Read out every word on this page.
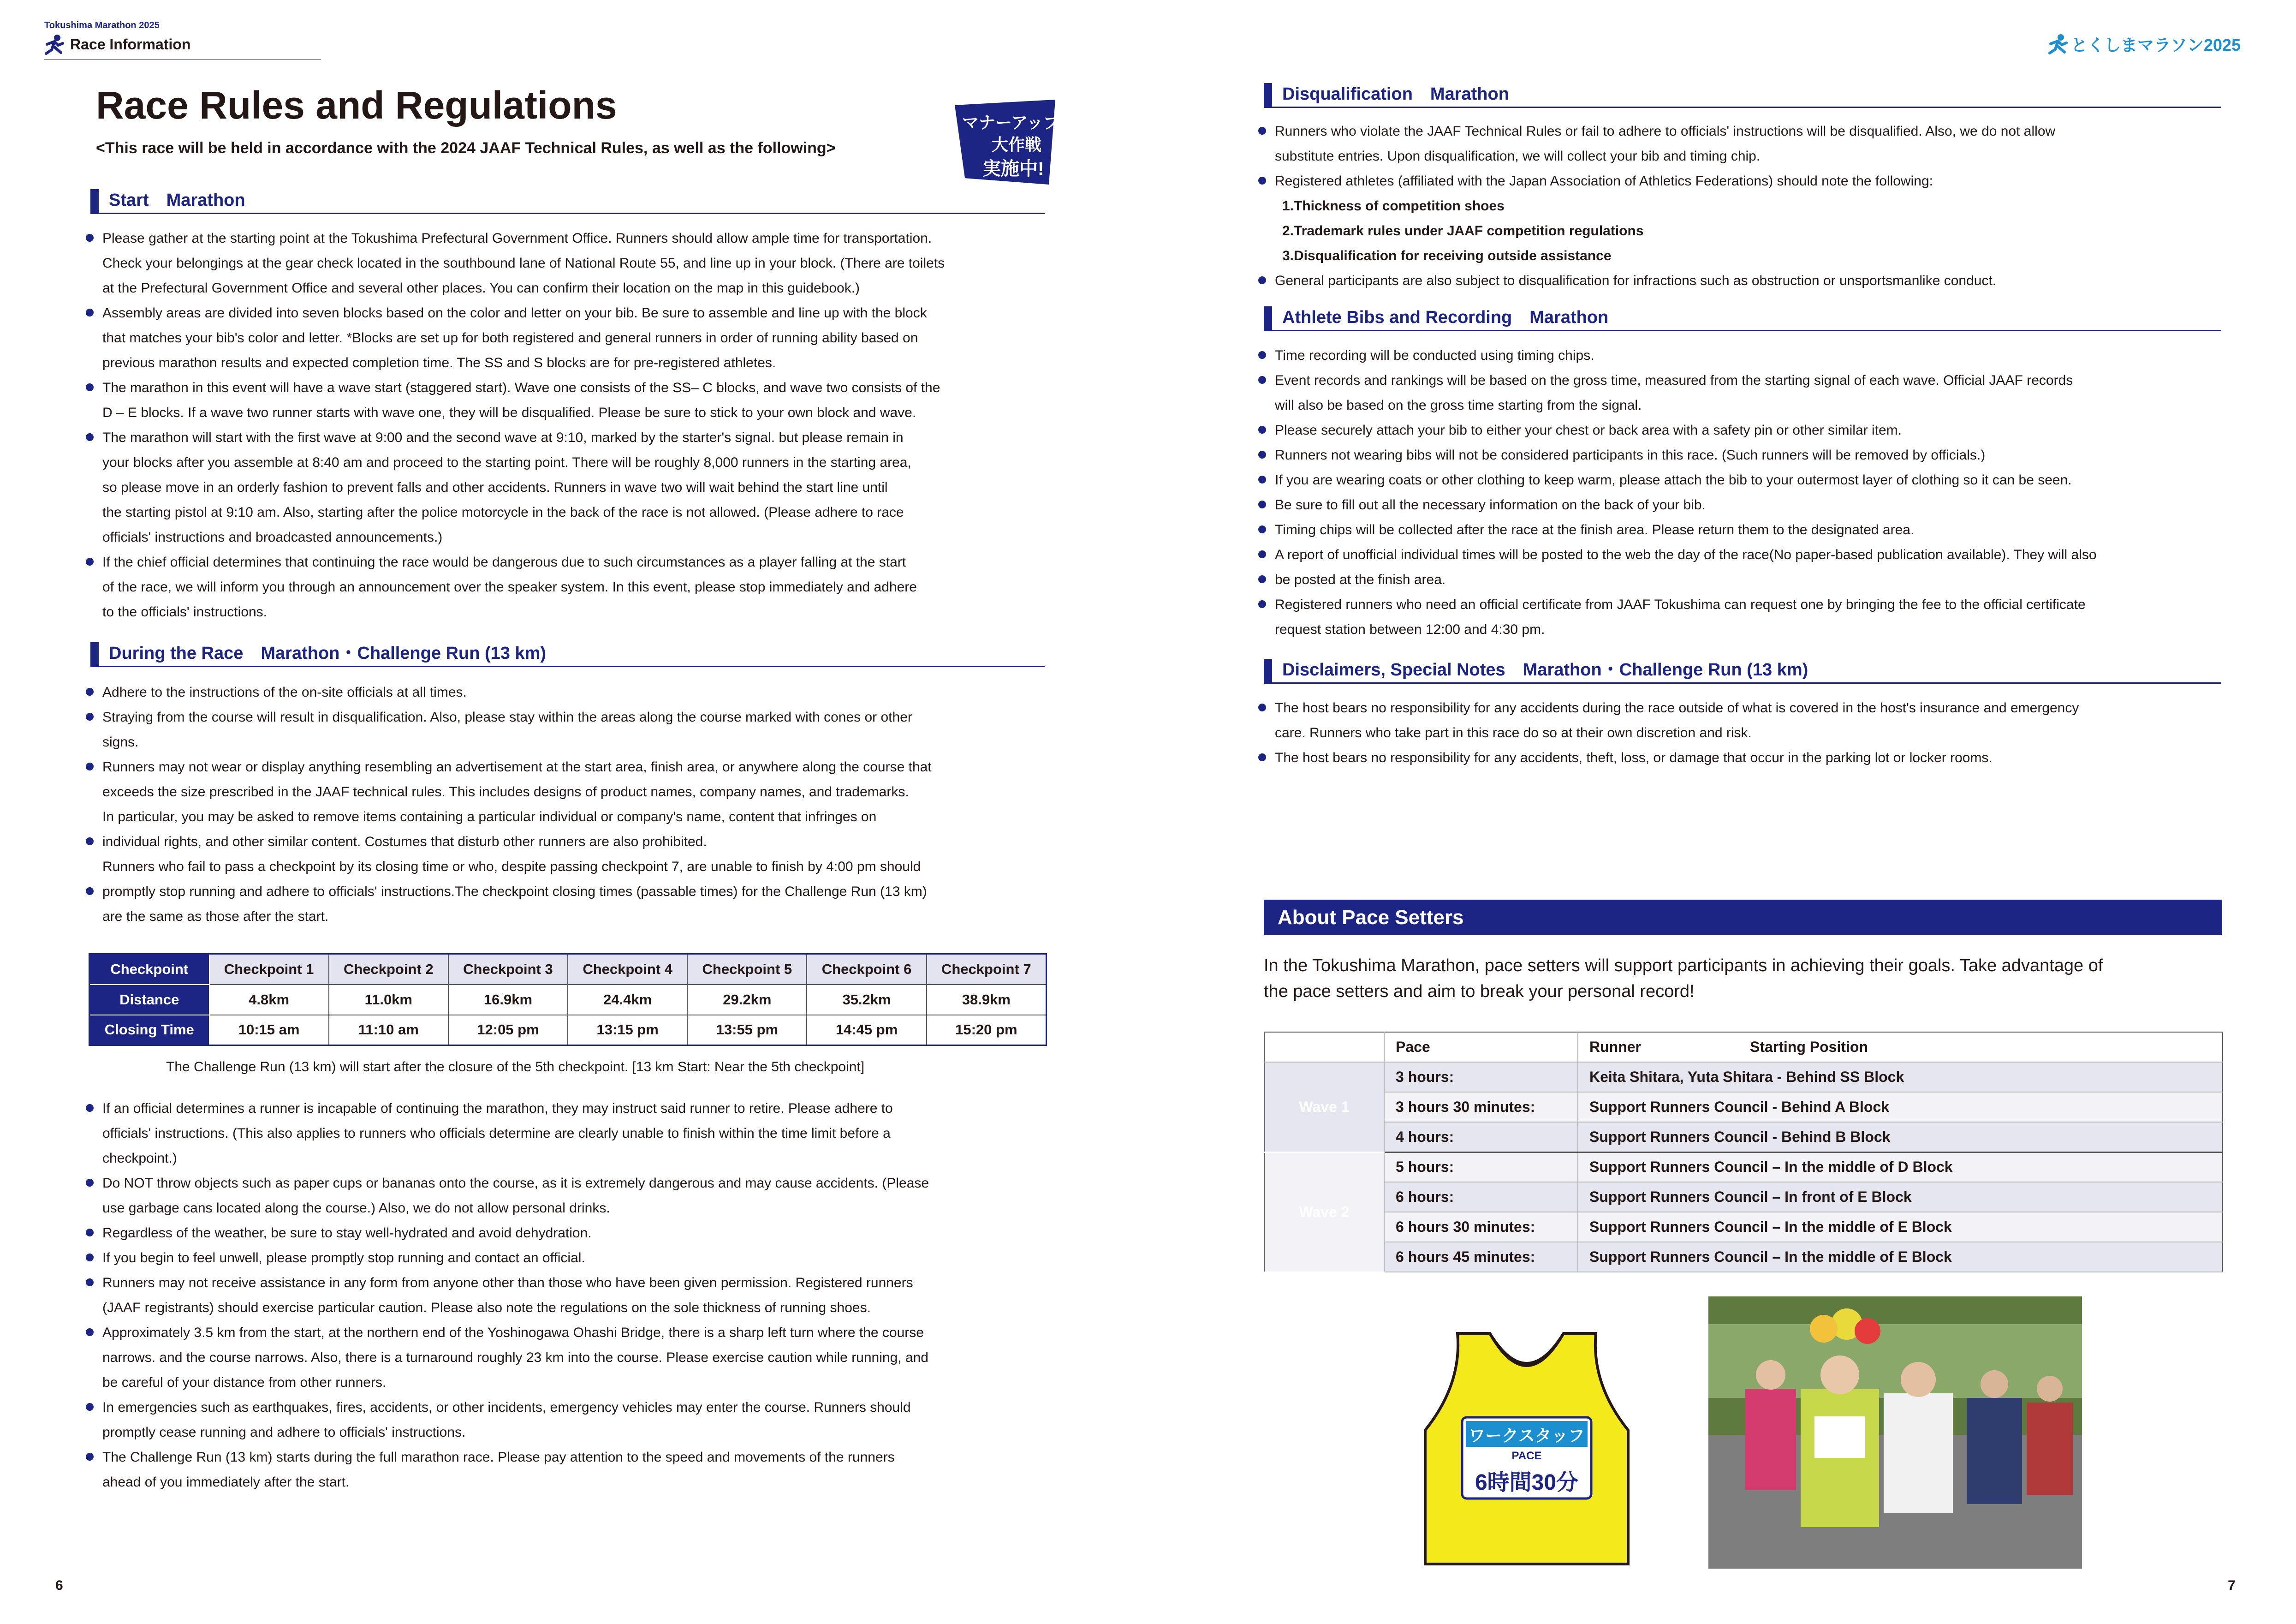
Tokushima Marathon 2025
Race Information	とくしまマラソン2025
Race Rules and Regulations
<This race will be held in accordance with the 2024 JAAF Technical Rules, as well as the following>
マナーアップ
大作戦
実施中!
Start　Marathon
Please gather at the starting point at the Tokushima Prefectural Government Office. Runners should allow ample time for transportation.
Check your belongings at the gear check located in the southbound lane of National Route 55, and line up in your block. (There are toilets
at the Prefectural Government Office and several other places. You can confirm their location on the map in this guidebook.)
Assembly areas are divided into seven blocks based on the color and letter on your bib. Be sure to assemble and line up with the block
that matches your bib's color and letter. *Blocks are set up for both registered and general runners in order of running ability based on
previous marathon results and expected completion time. The SS and S blocks are for pre-registered athletes.
The marathon in this event will have a wave start (staggered start). Wave one consists of the SS– C blocks, and wave two consists of the
D – E blocks. If a wave two runner starts with wave one, they will be disqualified. Please be sure to stick to your own block and wave.
The marathon will start with the first wave at 9:00 and the second wave at 9:10, marked by the starter's signal. but please remain in
your blocks after you assemble at 8:40 am and proceed to the starting point. There will be roughly 8,000 runners in the starting area,
so please move in an orderly fashion to prevent falls and other accidents. Runners in wave two will wait behind the start line until
the starting pistol at 9:10 am. Also, starting after the police motorcycle in the back of the race is not allowed. (Please adhere to race
officials' instructions and broadcasted announcements.)
If the chief official determines that continuing the race would be dangerous due to such circumstances as a player falling at the start
of the race, we will inform you through an announcement over the speaker system. In this event, please stop immediately and adhere
to the officials' instructions.
During the Race　Marathon・Challenge Run (13 km)
Adhere to the instructions of the on-site officials at all times.
Straying from the course will result in disqualification. Also, please stay within the areas along the course marked with cones or other
signs.
Runners may not wear or display anything resembling an advertisement at the start area, finish area, or anywhere along the course that
exceeds the size prescribed in the JAAF technical rules. This includes designs of product names, company names, and trademarks.
In particular, you may be asked to remove items containing a particular individual or company's name, content that infringes on
individual rights, and other similar content. Costumes that disturb other runners are also prohibited.
Runners who fail to pass a checkpoint by its closing time or who, despite passing checkpoint 7, are unable to finish by 4:00 pm should
promptly stop running and adhere to officials' instructions.The checkpoint closing times (passable times) for the Challenge Run (13 km)
are the same as those after the start.
Checkpoint	Checkpoint 1	Checkpoint 2	Checkpoint 3	Checkpoint 4	Checkpoint 5	Checkpoint 6	Checkpoint 7
Distance	4.8km	11.0km	16.9km	24.4km	29.2km	35.2km	38.9km
Closing Time	10:15 am	11:10 am	12:05 pm	13:15 pm	13:55 pm	14:45 pm	15:20 pm
The Challenge Run (13 km) will start after the closure of the 5th checkpoint. [13 km Start: Near the 5th checkpoint]
If an official determines a runner is incapable of continuing the marathon, they may instruct said runner to retire. Please adhere to
officials' instructions. (This also applies to runners who officials determine are clearly unable to finish within the time limit before a
checkpoint.)
Do NOT throw objects such as paper cups or bananas onto the course, as it is extremely dangerous and may cause accidents. (Please
use garbage cans located along the course.) Also, we do not allow personal drinks.
Regardless of the weather, be sure to stay well-hydrated and avoid dehydration.
If you begin to feel unwell, please promptly stop running and contact an official.
Runners may not receive assistance in any form from anyone other than those who have been given permission. Registered runners
(JAAF registrants) should exercise particular caution. Please also note the regulations on the sole thickness of running shoes.
Approximately 3.5 km from the start, at the northern end of the Yoshinogawa Ohashi Bridge, there is a sharp left turn where the course
narrows. and the course narrows. Also, there is a turnaround roughly 23 km into the course. Please exercise caution while running, and
be careful of your distance from other runners.
In emergencies such as earthquakes, fires, accidents, or other incidents, emergency vehicles may enter the course. Runners should
promptly cease running and adhere to officials' instructions.
The Challenge Run (13 km) starts during the full marathon race. Please pay attention to the speed and movements of the runners
ahead of you immediately after the start.
6
Disqualification　Marathon
Runners who violate the JAAF Technical Rules or fail to adhere to officials' instructions will be disqualified. Also, we do not allow
substitute entries. Upon disqualification, we will collect your bib and timing chip.
Registered athletes (affiliated with the Japan Association of Athletics Federations) should note the following:
1.Thickness of competition shoes
2.Trademark rules under JAAF competition regulations
3.Disqualification for receiving outside assistance
General participants are also subject to disqualification for infractions such as obstruction or unsportsmanlike conduct.
Athlete Bibs and Recording　Marathon
Time recording will be conducted using timing chips.
Event records and rankings will be based on the gross time, measured from the starting signal of each wave. Official JAAF records
will also be based on the gross time starting from the signal.
Please securely attach your bib to either your chest or back area with a safety pin or other similar item.
Runners not wearing bibs will not be considered participants in this race. (Such runners will be removed by officials.)
If you are wearing coats or other clothing to keep warm, please attach the bib to your outermost layer of clothing so it can be seen.
Be sure to fill out all the necessary information on the back of your bib.
Timing chips will be collected after the race at the finish area. Please return them to the designated area.
A report of unofficial individual times will be posted to the web the day of the race(No paper-based publication available). They will also
be posted at the finish area.
Registered runners who need an official certificate from JAAF Tokushima can request one by bringing the fee to the official certificate
request station between 12:00 and 4:30 pm.
Disclaimers, Special Notes　Marathon・Challenge Run (13 km)
The host bears no responsibility for any accidents during the race outside of what is covered in the host's insurance and emergency
care. Runners who take part in this race do so at their own discretion and risk.
The host bears no responsibility for any accidents, theft, loss, or damage that occur in the parking lot or locker rooms.
About Pace Setters
In the Tokushima Marathon, pace setters will support participants in achieving their goals. Take advantage of
the pace setters and aim to break your personal record!
	Pace	Runner Starting Position
Wave 1	3 hours:	Keita Shitara, Yuta Shitara - Behind SS Block
	3 hours 30 minutes:	Support Runners Council - Behind A Block
	4 hours:	Support Runners Council - Behind B Block
Wave 2	5 hours:	Support Runners Council – In the middle of D Block
	6 hours:	Support Runners Council – In front of E Block
	6 hours 30 minutes:	Support Runners Council – In the middle of E Block
	6 hours 45 minutes:	Support Runners Council – In the middle of E Block
ワークスタッフ
PACE
6時間30分
7
